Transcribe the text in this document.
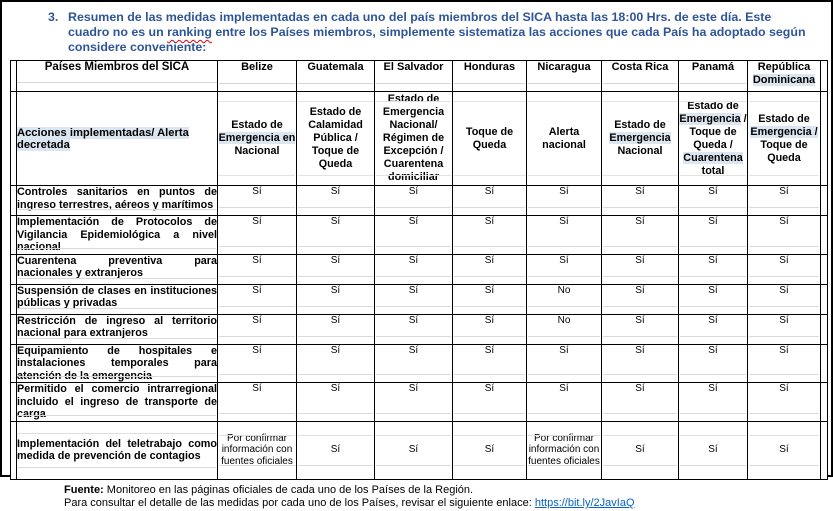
3. Resumen de las medidas implementadas en cada uno del país miembros del SICA hasta las 18:00 Hrs. de este día. Este cuadro no es un ranking entre los Países miembros, simplemente sistematiza las acciones que cada País ha adoptado según considere conveniente:
	Países Miembros del SICA	Belize	Guatemala	El Salvador	Honduras	Nicaragua	Costa Rica	Panamá	República Dominicana	
	Acciones implementadas/ Alerta decretada	Estado de Emergencia en Nacional	Estado de Calamidad Pública / Toque de Queda	Estado de Emergencia Nacional/ Régimen de Excepción / Cuarentena domiciliar	Toque de Queda	Alerta nacional	Estado de Emergencia Nacional	Estado de Emergencia / Toque de Queda / Cuarentena total	Estado de Emergencia / Toque de Queda	
	Controles sanitarios en puntos de ingreso terrestres, aéreos y marítimos	Sí	Sí	Sí	Sí	Sí	Sí	Sí	Sí	
	Implementación de Protocolos de Vigilancia Epidemiológica a nivel nacional	Sí	Sí	Sí	Sí	Sí	Sí	Sí	Sí	
	Cuarentena preventiva para nacionales y extranjeros	Sí	Sí	Sí	Sí	Sí	Sí	Sí	Sí	
	Suspensión de clases en instituciones públicas y privadas	Sí	Sí	Sí	Sí	No	Sí	Sí	Sí	
	Restricción de ingreso al territorio nacional para extranjeros	Sí	Sí	Sí	Sí	No	Sí	Sí	Sí	
	Equipamiento de hospitales e instalaciones temporales para atención de la emergencia	Sí	Sí	Sí	Sí	Sí	Sí	Sí	Sí	
	Permitido el comercio intrarregional incluido el ingreso de transporte de carga	Sí	Sí	Sí	Sí	Sí	Sí	Sí	Sí	
	Implementación del teletrabajo como medida de prevención de contagios	Por confirmar información con fuentes oficiales	Sí	Sí	Sí	Por confirmar información con fuentes oficiales	Sí	Sí	Sí	
Fuente: Monitoreo en las páginas oficiales de cada uno de los Países de la Región.
Para consultar el detalle de las medidas por cada uno de los Países, revisar el siguiente enlace: https://bit.ly/2JavIaQ
